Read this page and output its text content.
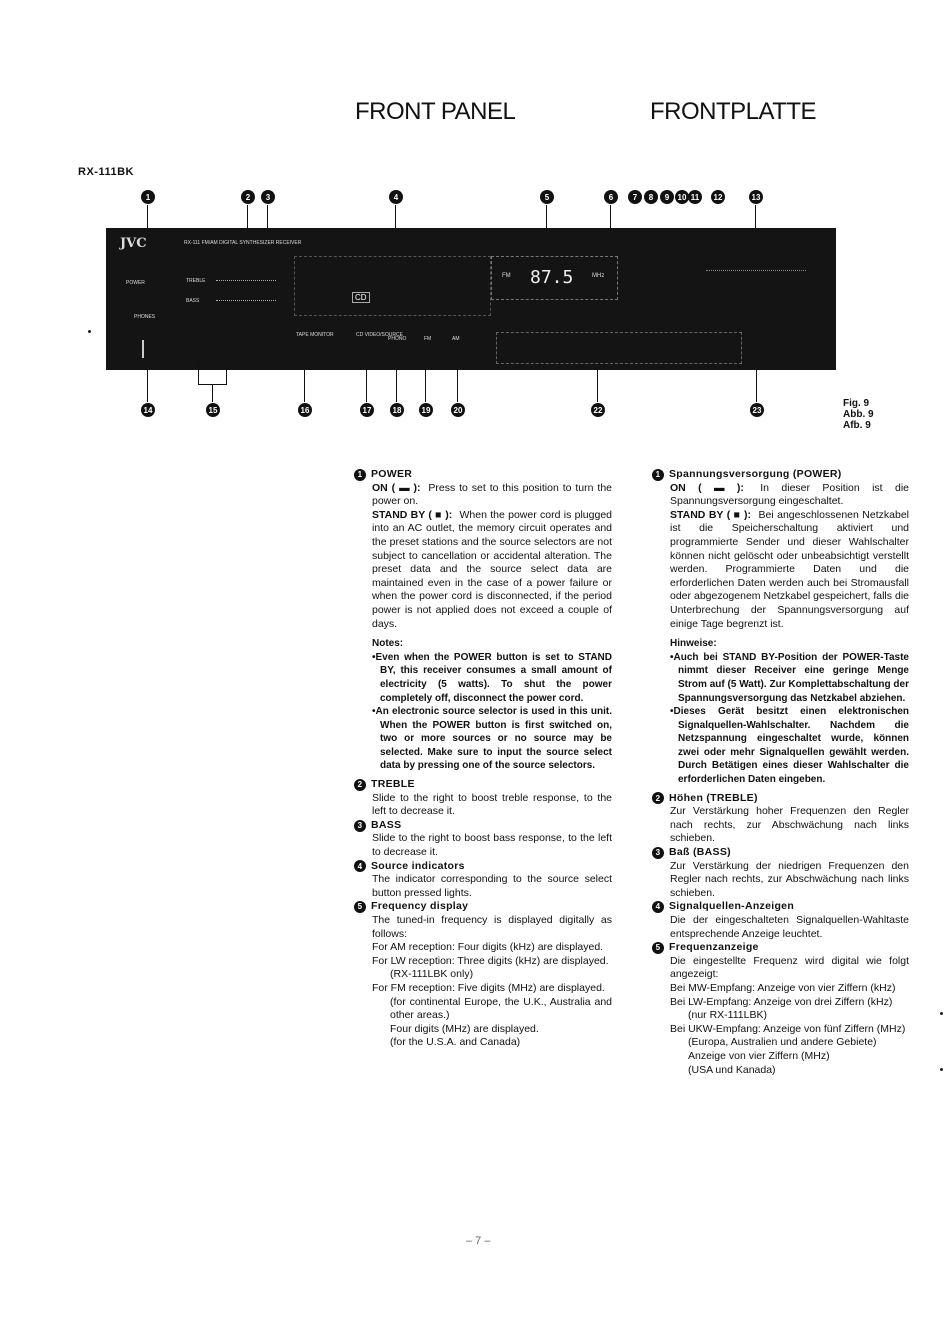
FRONT PANEL	FRONTPLATTE
RX-111BK
1	2	3	4	5	6	7	8	9	10 11	12	13
JVC	RX-111 FM/AM DIGITAL SYNTHESIZER RECEIVER
POWER
PHONES
TREBLE
BASS	CD
TAPE MONITOR	CD VIDEO/SOURCE
PHONO	FM	AM
FM 87.5	MHz
14	15	16	17	18	19	20	22	23
Fig. 9
Abb. 9
Afb. 9
1 POWER
ON ( ▬ ): Press to set to this position to turn the power on.
STAND BY ( ■ ): When the power cord is plugged into an AC outlet, the memory circuit operates and the preset stations and the source selectors are not subject to cancellation or accidental alteration. The preset data and the source select data are maintained even in the case of a power failure or when the power cord is disconnected, if the period power is not applied does not exceed a couple of days.
Notes:
• Even when the POWER button is set to STAND BY, this receiver consumes a small amount of electricity (5 watts). To shut the power completely off, disconnect the power cord.
• An electronic source selector is used in this unit. When the POWER button is first switched on, two or more sources or no source may be selected. Make sure to input the source select data by pressing one of the source selectors.
2 TREBLE
Slide to the right to boost treble response, to the left to decrease it.
3 BASS
Slide to the right to boost bass response, to the left to decrease it.
4 Source indicators
The indicator corresponding to the source select button pressed lights.
5 Frequency display
The tuned-in frequency is displayed digitally as follows:
For AM reception: Four digits (kHz) are displayed.
For LW reception: Three digits (kHz) are displayed.
(RX-111LBK only)
For FM reception: Five digits (MHz) are displayed.
(for continental Europe, the U.K., Australia and other areas.)
Four digits (MHz) are displayed.
(for the U.S.A. and Canada)
1 Spannungsversorgung (POWER)
ON ( ▬ ): In dieser Position ist die Spannungsversorgung eingeschaltet.
STAND BY ( ■ ): Bei angeschlossenen Netzkabel ist die Speicherschaltung aktiviert und programmierte Sender und dieser Wahlschalter können nicht gelöscht oder unbeabsichtigt verstellt werden. Programmierte Daten und die erforderlichen Daten werden auch bei Stromausfall oder abgezogenem Netzkabel gespeichert, falls die Unterbrechung der Spannungsversorgung auf einige Tage begrenzt ist.
Hinweise:
• Auch bei STAND BY-Position der POWER-Taste nimmt dieser Receiver eine geringe Menge Strom auf (5 Watt). Zur Komplettabschaltung der Spannungsversorgung das Netzkabel abziehen.
• Dieses Gerät besitzt einen elektronischen Signalquellen-Wahlschalter. Nachdem die Netzspannung eingeschaltet wurde, können zwei oder mehr Signalquellen gewählt werden. Durch Betätigen eines dieser Wahlschalter die erforderlichen Daten eingeben.
2 Höhen (TREBLE)
Zur Verstärkung hoher Frequenzen den Regler nach rechts, zur Abschwächung nach links schieben.
3 Baß (BASS)
Zur Verstärkung der niedrigen Frequenzen den Regler nach rechts, zur Abschwächung nach links schieben.
4 Signalquellen-Anzeigen
Die der eingeschalteten Signalquellen-Wahltaste entsprechende Anzeige leuchtet.
5 Frequenzanzeige
Die eingestellte Frequenz wird digital wie folgt angezeigt:
Bei MW-Empfang: Anzeige von vier Ziffern (kHz)
Bei LW-Empfang: Anzeige von drei Ziffern (kHz)
(nur RX-111LBK)
Bei UKW-Empfang: Anzeige von fünf Ziffern (MHz)
(Europa, Australien und andere Gebiete)
Anzeige von vier Ziffern (MHz)
(USA und Kanada)
– 7 –
